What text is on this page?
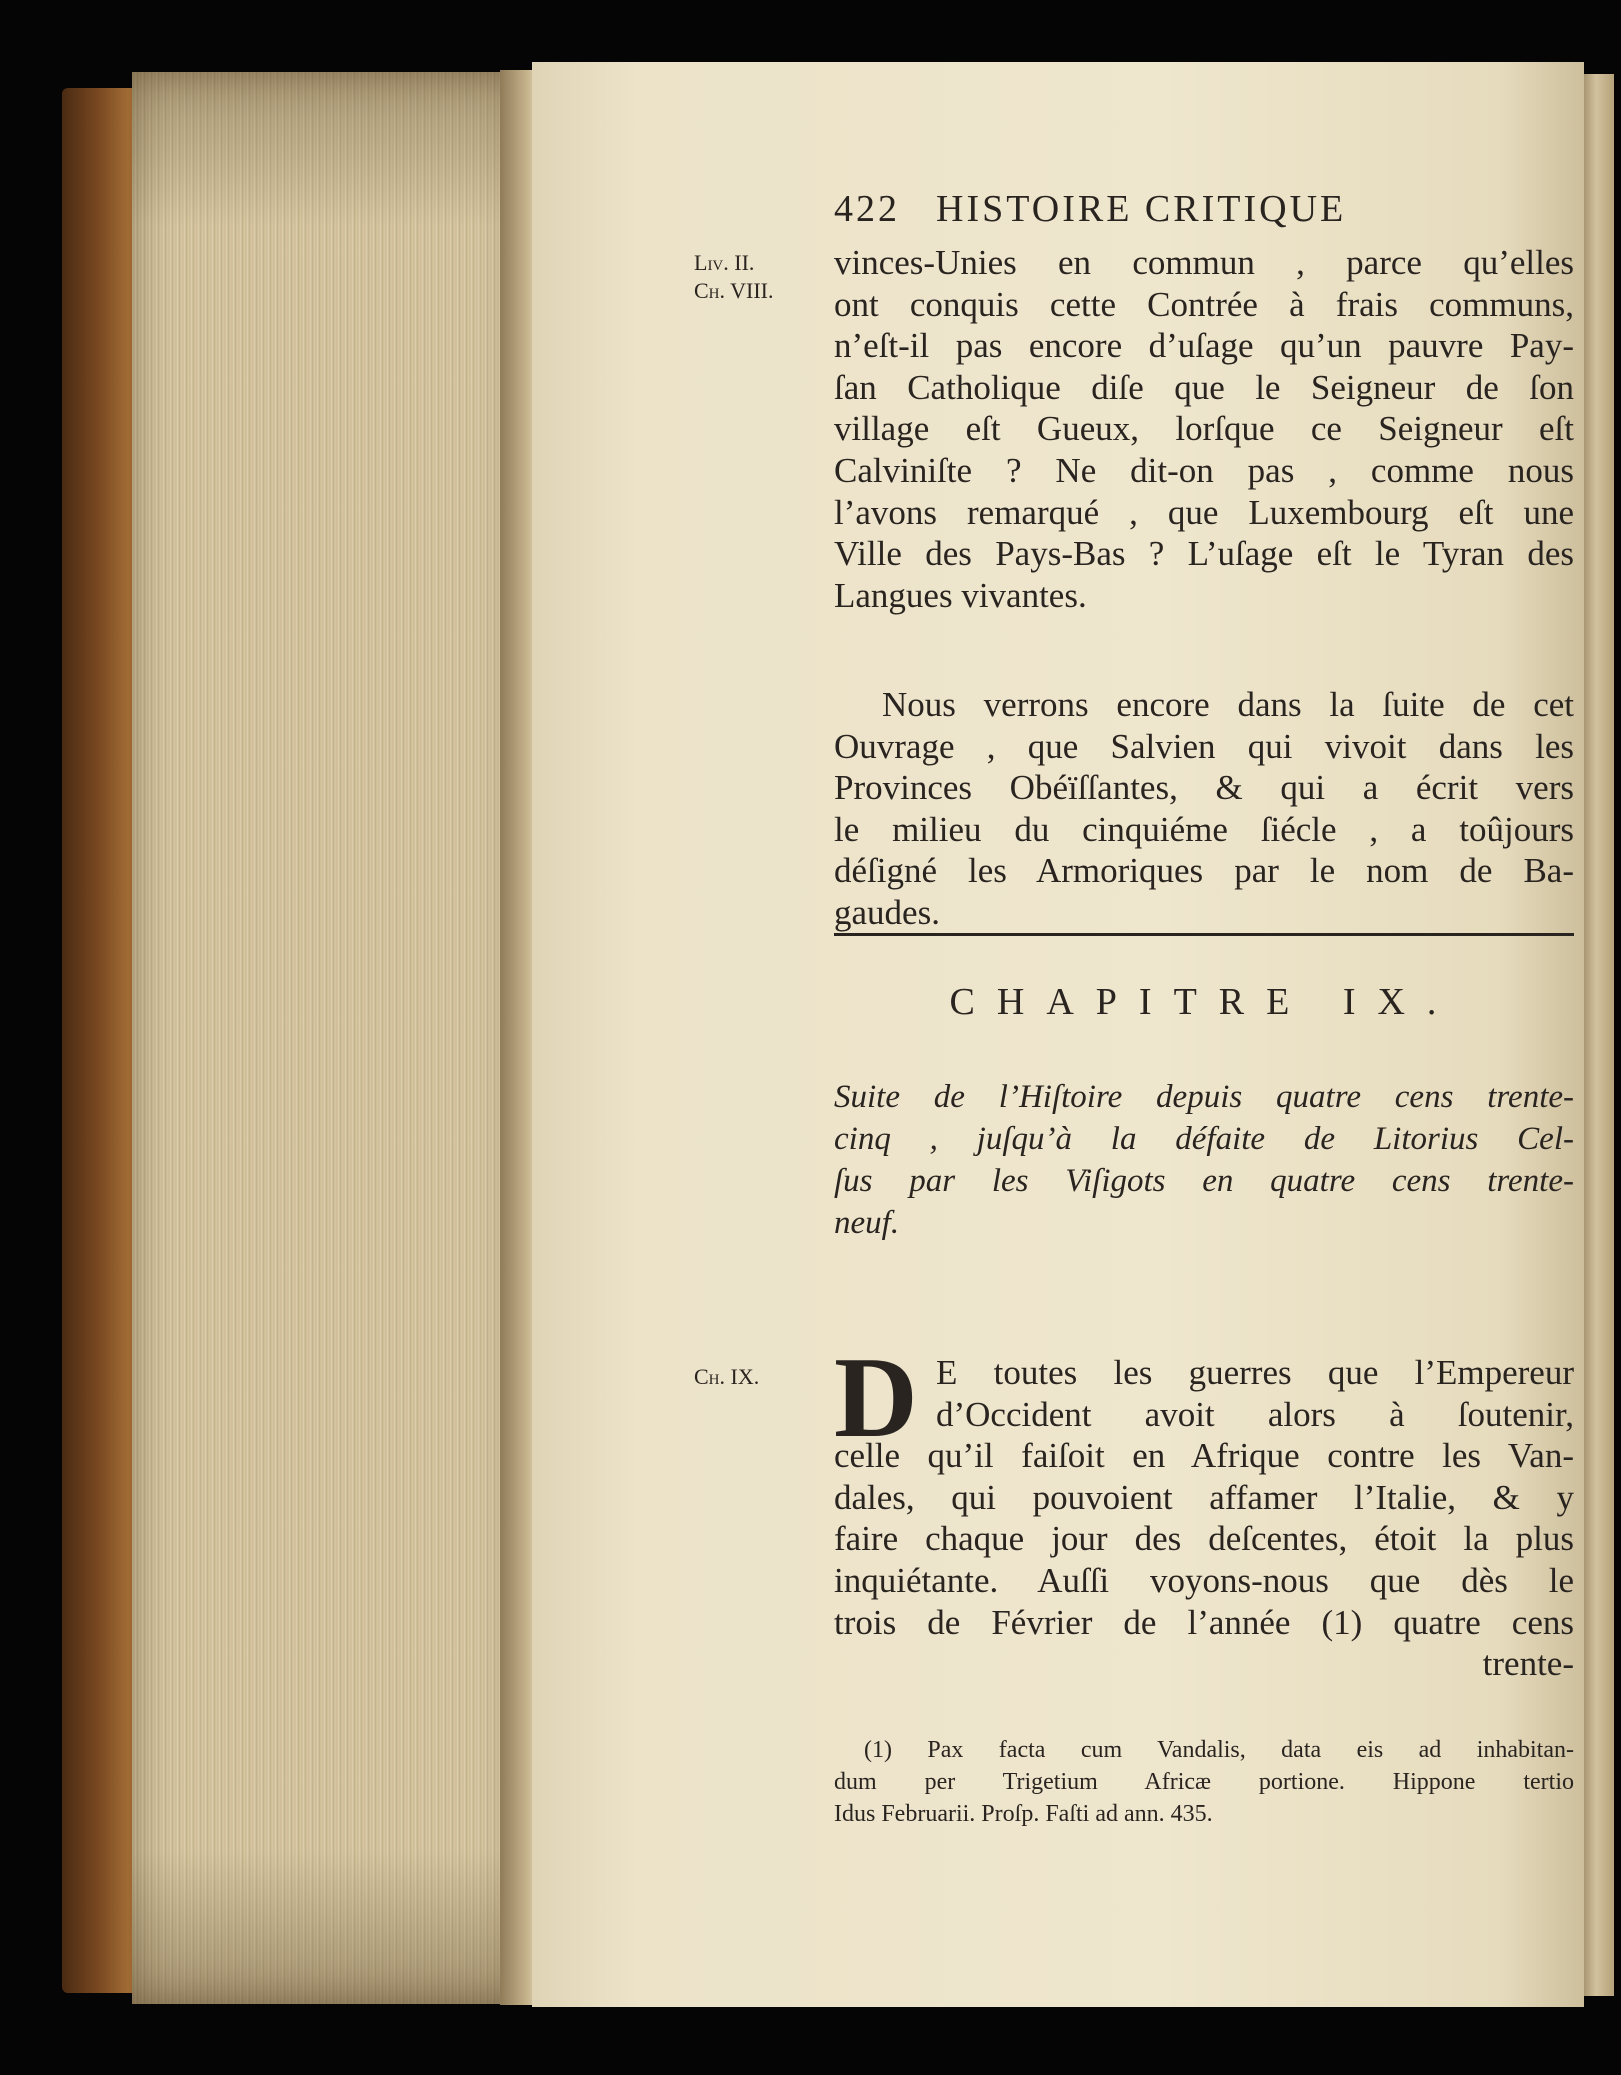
422 HISTOIRE CRITIQUE
Liv. II.
Ch. VIII.
vinces-Unies en commun , parce qu’elles
ont conquis cette Contrée à frais communs,
n’eſt-il pas encore d’uſage qu’un pauvre Pay-
ſan Catholique diſe que le Seigneur de ſon
village eſt Gueux, lorſque ce Seigneur eſt
Calviniſte ? Ne dit-on pas , comme nous
l’avons remarqué , que Luxembourg eſt une
Ville des Pays-Bas ? L’uſage eſt le Tyran des
Langues vivantes.
Nous verrons encore dans la ſuite de cet
Ouvrage , que Salvien qui vivoit dans les
Provinces Obéïſſantes, & qui a écrit vers
le milieu du cinquiéme ſiécle , a toûjours
déſigné les Armoriques par le nom de Ba-
gaudes.
CHAPITRE IX.
Suite de l’Hiſtoire depuis quatre cens trente-
cinq , juſqu’à la défaite de Litorius Cel-
ſus par les Viſigots en quatre cens trente-
neuf.
Ch. IX. D E toutes les guerres que l’Empereur
d’Occident avoit alors à ſoutenir,
celle qu’il faiſoit en Afrique contre les Van-
dales, qui pouvoient affamer l’Italie, & y
faire chaque jour des deſcentes, étoit la plus
inquiétante. Auſſi voyons-nous que dès le
trois de Février de l’année (1) quatre cens
trente-
(1) Pax facta cum Vandalis, data eis ad inhabitan-
dum per Trigetium Africæ portione. Hippone tertio
Idus Februarii. Proſp. Faſti ad ann. 435.
